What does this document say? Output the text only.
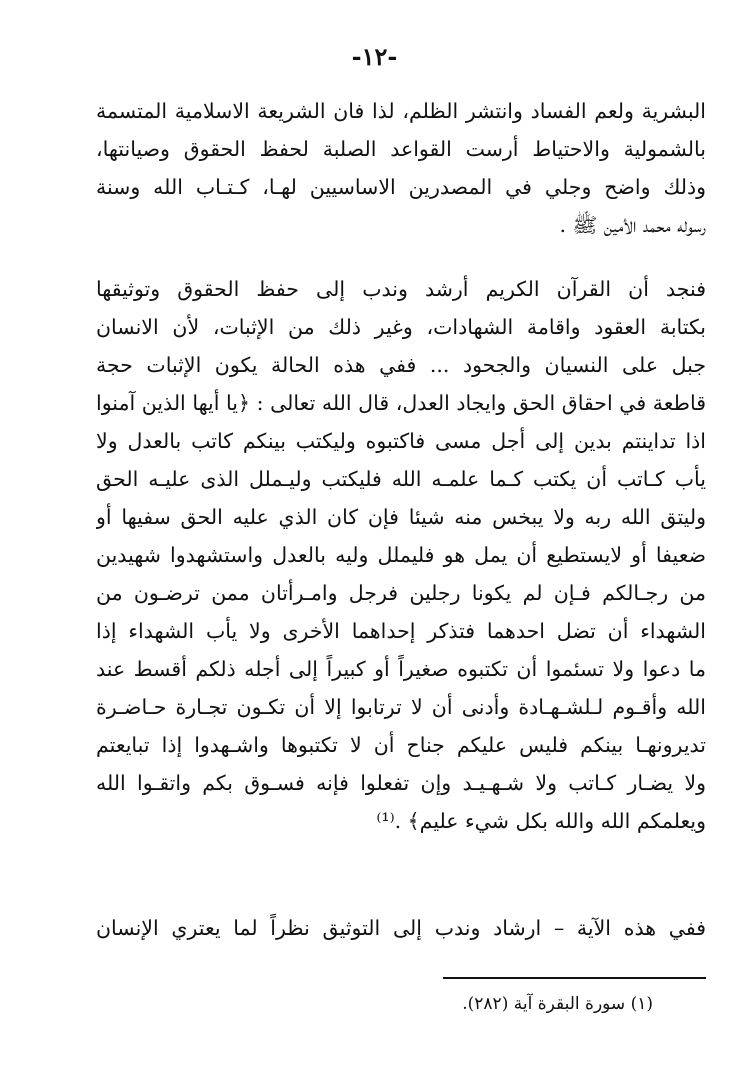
-١٢-
البشرية ولعم الفساد وانتشر الظلم، لذا فان الشريعة الاسلامية المتسمة
بالشمولية والاحتياط أرست القواعد الصلبة لحفظ الحقوق وصيانتها،
وذلك واضح وجلي في المصدرين الاساسيين لهـا، كـتـاب الله وسنة
رسوله محمد الأمين ﷺ .
فنجد أن القرآن الكريم أرشد وندب إلى حفظ الحقوق وتوثيقها
بكتابة العقود واقامة الشهادات، وغير ذلك من الإثبات، لأن الانسان
جبل على النسيان والجحود ... ففي هذه الحالة يكون الإثبات حجة
قاطعة في احقاق الحق وايجاد العدل، قال الله تعالى : ﴿يا أيها الذين آمنوا
اذا تداينتم بدين إلى أجل مسى فاكتبوه وليكتب بينكم كاتب بالعدل ولا
يأب كـاتب أن يكتب كـما علمـه الله فليكتب وليـملل الذى عليـه الحق
وليتق الله ربه ولا يبخس منه شيئا فإن كان الذي عليه الحق سفيها أو
ضعيفا أو لايستطيع أن يمل هو فليملل وليه بالعدل واستشهدوا شهيدين
من رجـالكم فـإن لم يكونا رجلين فرجل وامـرأتان ممن ترضـون من
الشهداء أن تضل احدهما فتذكر إحداهما الأخرى ولا يأب الشهداء إذا
ما دعوا ولا تسئموا أن تكتبوه صغيراً أو كبيراً إلى أجله ذلكم أقسط عند
الله وأقـوم لـلشـهـادة وأدنى أن لا ترتابوا إلا أن تكـون تجـارة حـاضـرة
تديرونهـا بينكم فليس عليكم جناح أن لا تكتبوها واشـهدوا إذا تبايعتم
ولا يضـار كـاتب ولا شـهـيـد وإن تفعلوا فإنه فسـوق بكم واتقـوا الله
ويعلمكم الله والله بكل شيء عليم﴾ .⁽¹⁾
ففي هذه الآية – ارشاد وندب إلى التوثيق نظراً لما يعتري الإنسان
(١) سورة البقرة آية (٢٨٢).
